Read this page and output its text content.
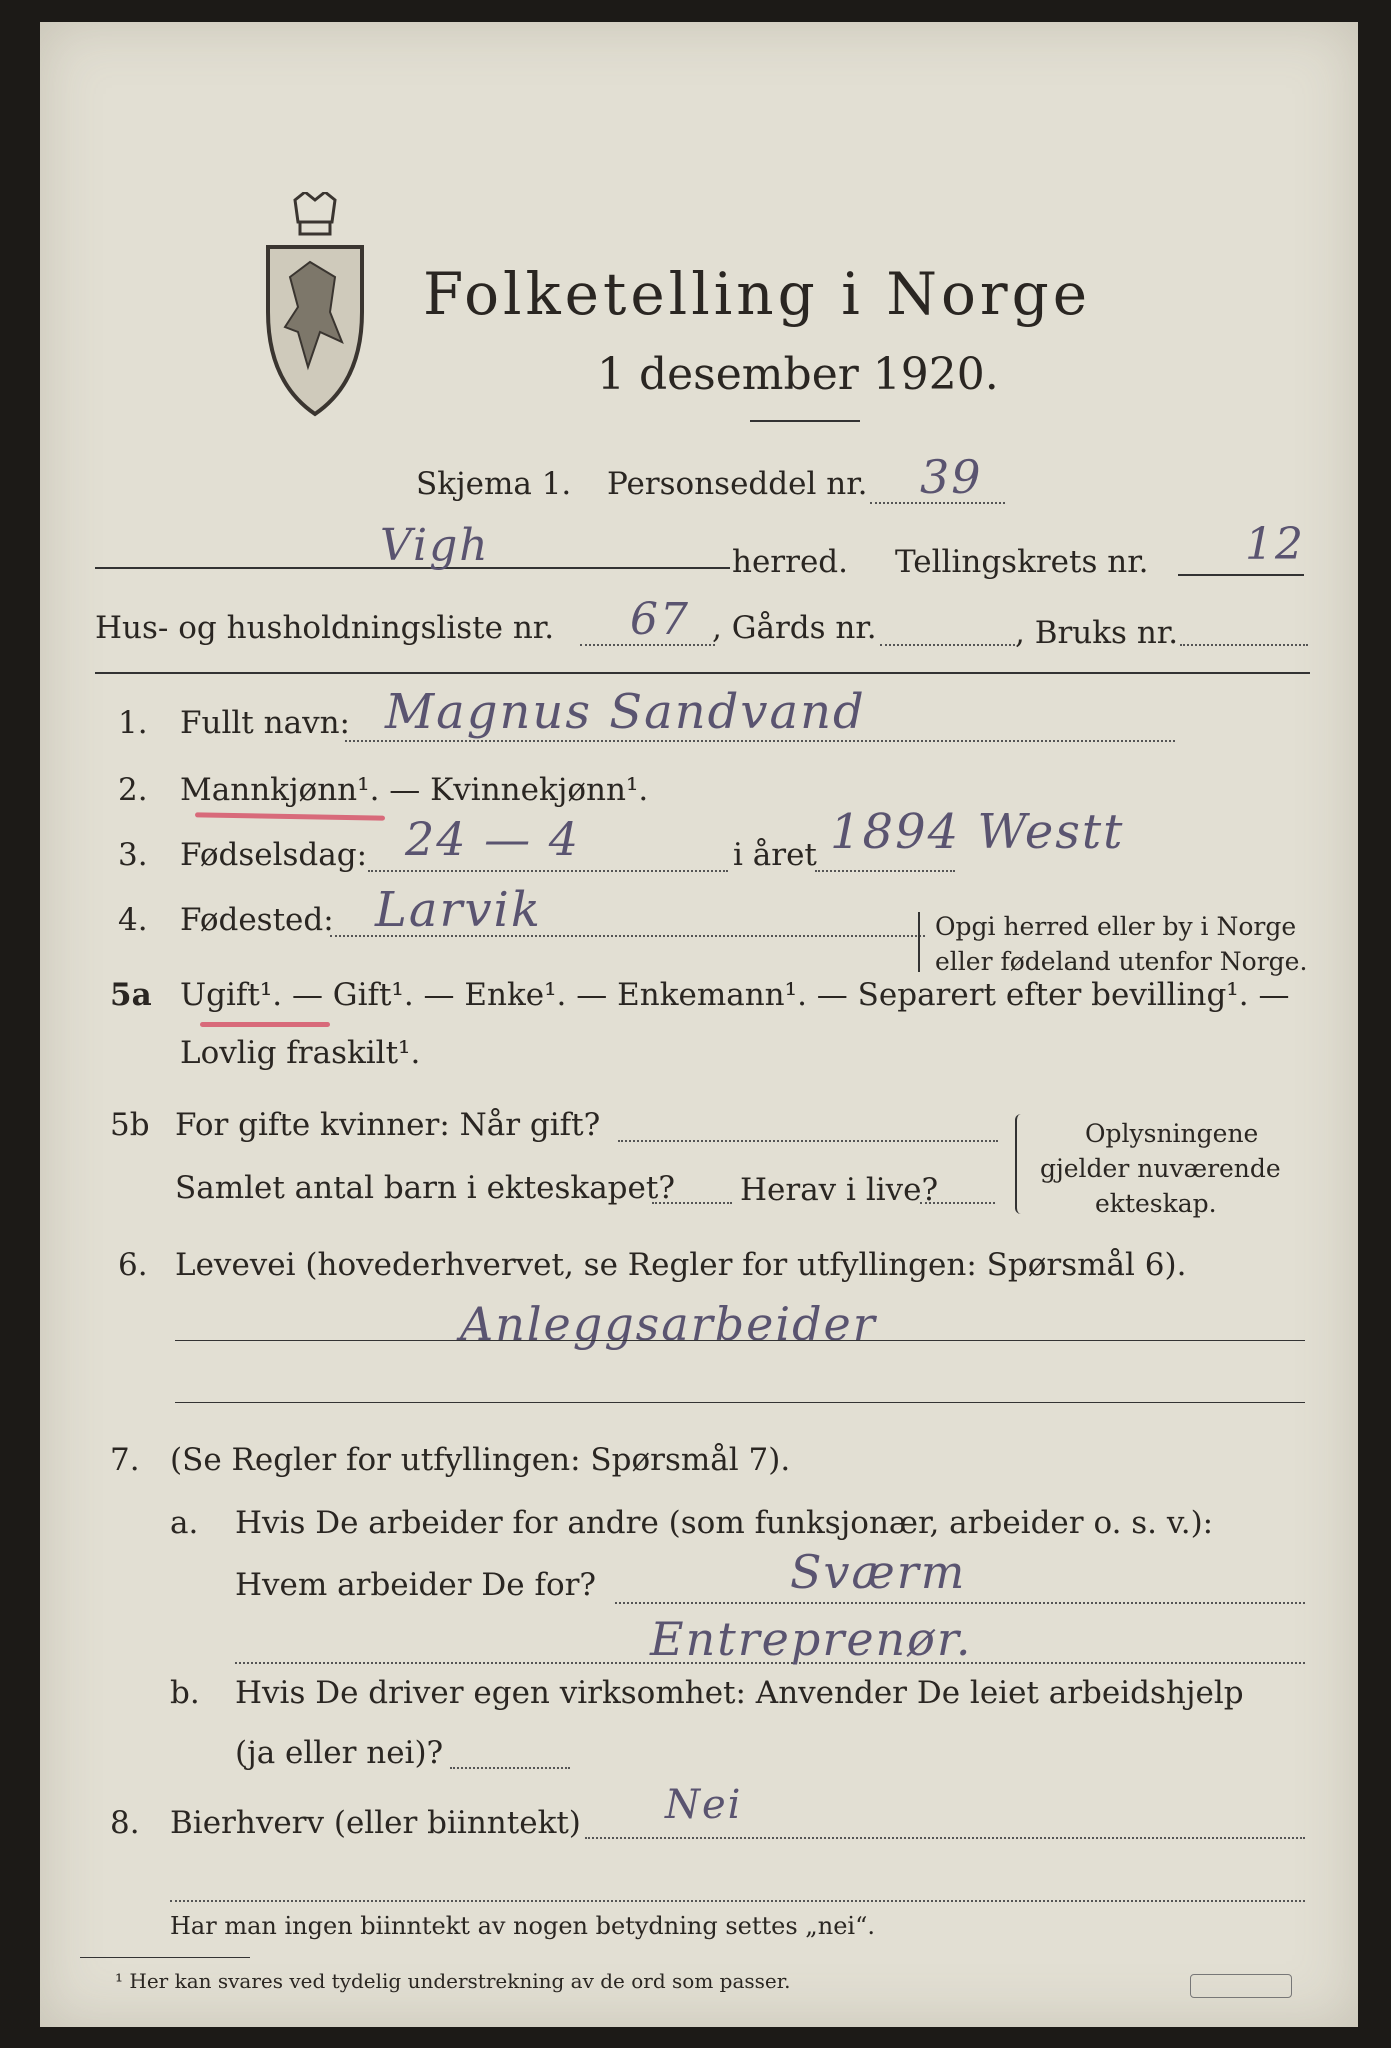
Folketelling i Norge
1 desember 1920.
Skjema 1. Personseddel nr. 39
Vigh	herred. Tellingskrets nr. 12
Hus- og husholdningsliste nr. 67 , Gårds nr.	, Bruks nr.
1. Fullt navn: Magnus Sandvand
2. Mannkjønn¹. — Kvinnekjønn¹.
3. Fødselsdag: 24 — 4	i året 1894 Westt
4. Fødested: Larvik	Opgi herred eller by i Norge
eller fødeland utenfor Norge.
5a Ugift¹. — Gift¹. — Enke¹. — Enkemann¹. — Separert efter bevilling¹. —
Lovlig fraskilt¹.
5b For gifte kvinner: Når gift?
Samlet antal barn i ekteskapet? Herav i live?
Oplysningene
gjelder nuværende
ekteskap.
6. Levevei (hovederhvervet, se Regler for utfyllingen: Spørsmål 6).
Anleggsarbeider
7. (Se Regler for utfyllingen: Spørsmål 7).
a. Hvis De arbeider for andre (som funksjonær, arbeider o. s. v.):
Hvem arbeider De for?	Sværm
Entreprenør.
b. Hvis De driver egen virksomhet: Anvender De leiet arbeidshjelp
(ja eller nei)?
8. Bierhverv (eller biinntekt) Nei
Har man ingen biinntekt av nogen betydning settes „nei“.
¹ Her kan svares ved tydelig understrekning av de ord som passer.
